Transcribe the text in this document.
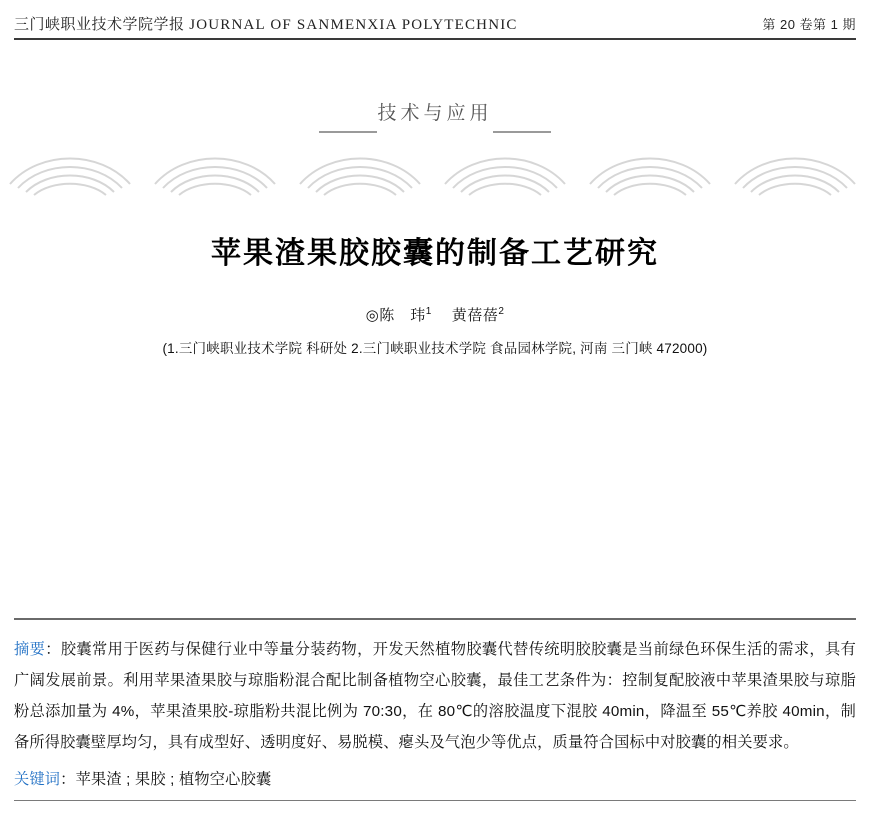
三门峡职业技术学院学报 JOURNAL OF SANMENXIA POLYTECHNIC	第 20 卷第 1 期
技术与应用
苹果渣果胶胶囊的制备工艺研究
◎陈　玮$^1$ 黄蓓蓓$^2$
(1.三门峡职业技术学院 科研处 2.三门峡职业技术学院 食品园林学院, 河南 三门峡 472000)
摘要：胶囊常用于医药与保健行业中等量分装药物，开发天然植物胶囊代替传统明胶胶囊是当前绿色环保生活的需求，具有广阔发展前景。利用苹果渣果胶与琼脂粉混合配比制备植物空心胶囊，最佳工艺条件为：控制复配胶液中苹果渣果胶与琼脂粉总添加量为 4%，苹果渣果胶-琼脂粉共混比例为 70:30，在 80℃的溶胶温度下混胶 40min，降温至 55℃养胶 40min，制备所得胶囊壁厚均匀，具有成型好、透明度好、易脱模、瘪头及气泡少等优点，质量符合国标中对胶囊的相关要求。
关键词：苹果渣 ; 果胶 ; 植物空心胶囊
